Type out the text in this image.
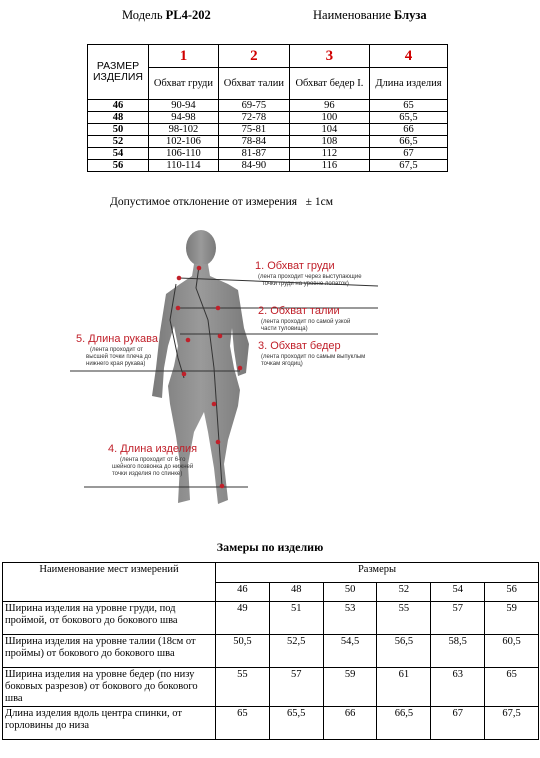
Модель PL4-202	Наименование Блуза
РАЗМЕР ИЗДЕЛИЯ	1	2	3	4
	Обхват груди	Обхват талии	Обхват бедер I.	Длина изделия
46	90-94	69-75	96	65
48	94-98	72-78	100	65,5
50	98-102	75-81	104	66
52	102-106	78-84	108	66,5
54	106-110	81-87	112	67
56	110-114	84-90	116	67,5
Допустимое отклонение от измерения ± 1см
1. Обхват груди
(лента проходит через выступающие
точки груди на уровне лопаток)
2. Обхват талии
(лента проходит по самой узкой
части туловища)
3. Обхват бедер
(лента проходит по самым выпуклым
точкам ягодиц)
5. Длина рукава
(лента проходит от
высшей точки плеча до
нижнего края рукава)
4. Длина изделия
(лента проходит от 6-го
шейного позвонка до нижней
точки изделия по спинке)
Замеры по изделию
Наименование мест измерений	Размеры					
	46	48	50	52	54	56
Ширина изделия на уровне груди, под проймой, от бокового до бокового шва	49	51	53	55	57	59
Ширина изделия на уровне талии (18см от проймы) от бокового до бокового шва	50,5	52,5	54,5	56,5	58,5	60,5
Ширина изделия на уровне бедер (по низу боковых разрезов) от бокового до бокового шва	55	57	59	61	63	65
Длина изделия вдоль центра спинки, от горловины до низа	65	65,5	66	66,5	67	67,5
